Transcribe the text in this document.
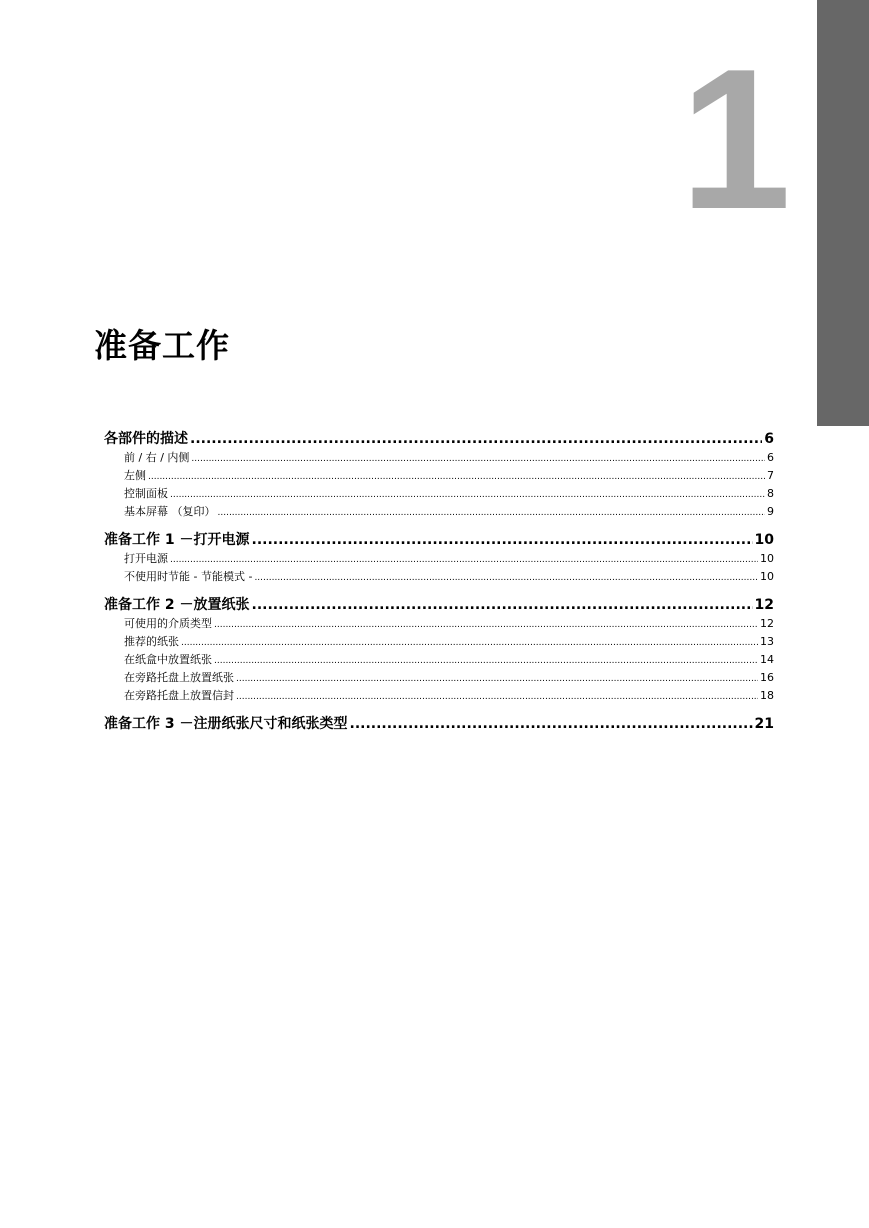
1
准备工作
各部件的描述 .....	6
前 / 右 / 内侧 .....	6
左侧 .....	7
控制面板 .....	8
基本屏幕 （复印） .....	9
准备工作 1 －打开电源 .....	10
打开电源 .....	10
不使用时节能 - 节能模式 - .....	10
准备工作 2 －放置纸张 .....	12
可使用的介质类型 .....	12
推荐的纸张 .....	13
在纸盒中放置纸张 .....	14
在旁路托盘上放置纸张 .....	16
在旁路托盘上放置信封 .....	18
准备工作 3 －注册纸张尺寸和纸张类型 .....	21
